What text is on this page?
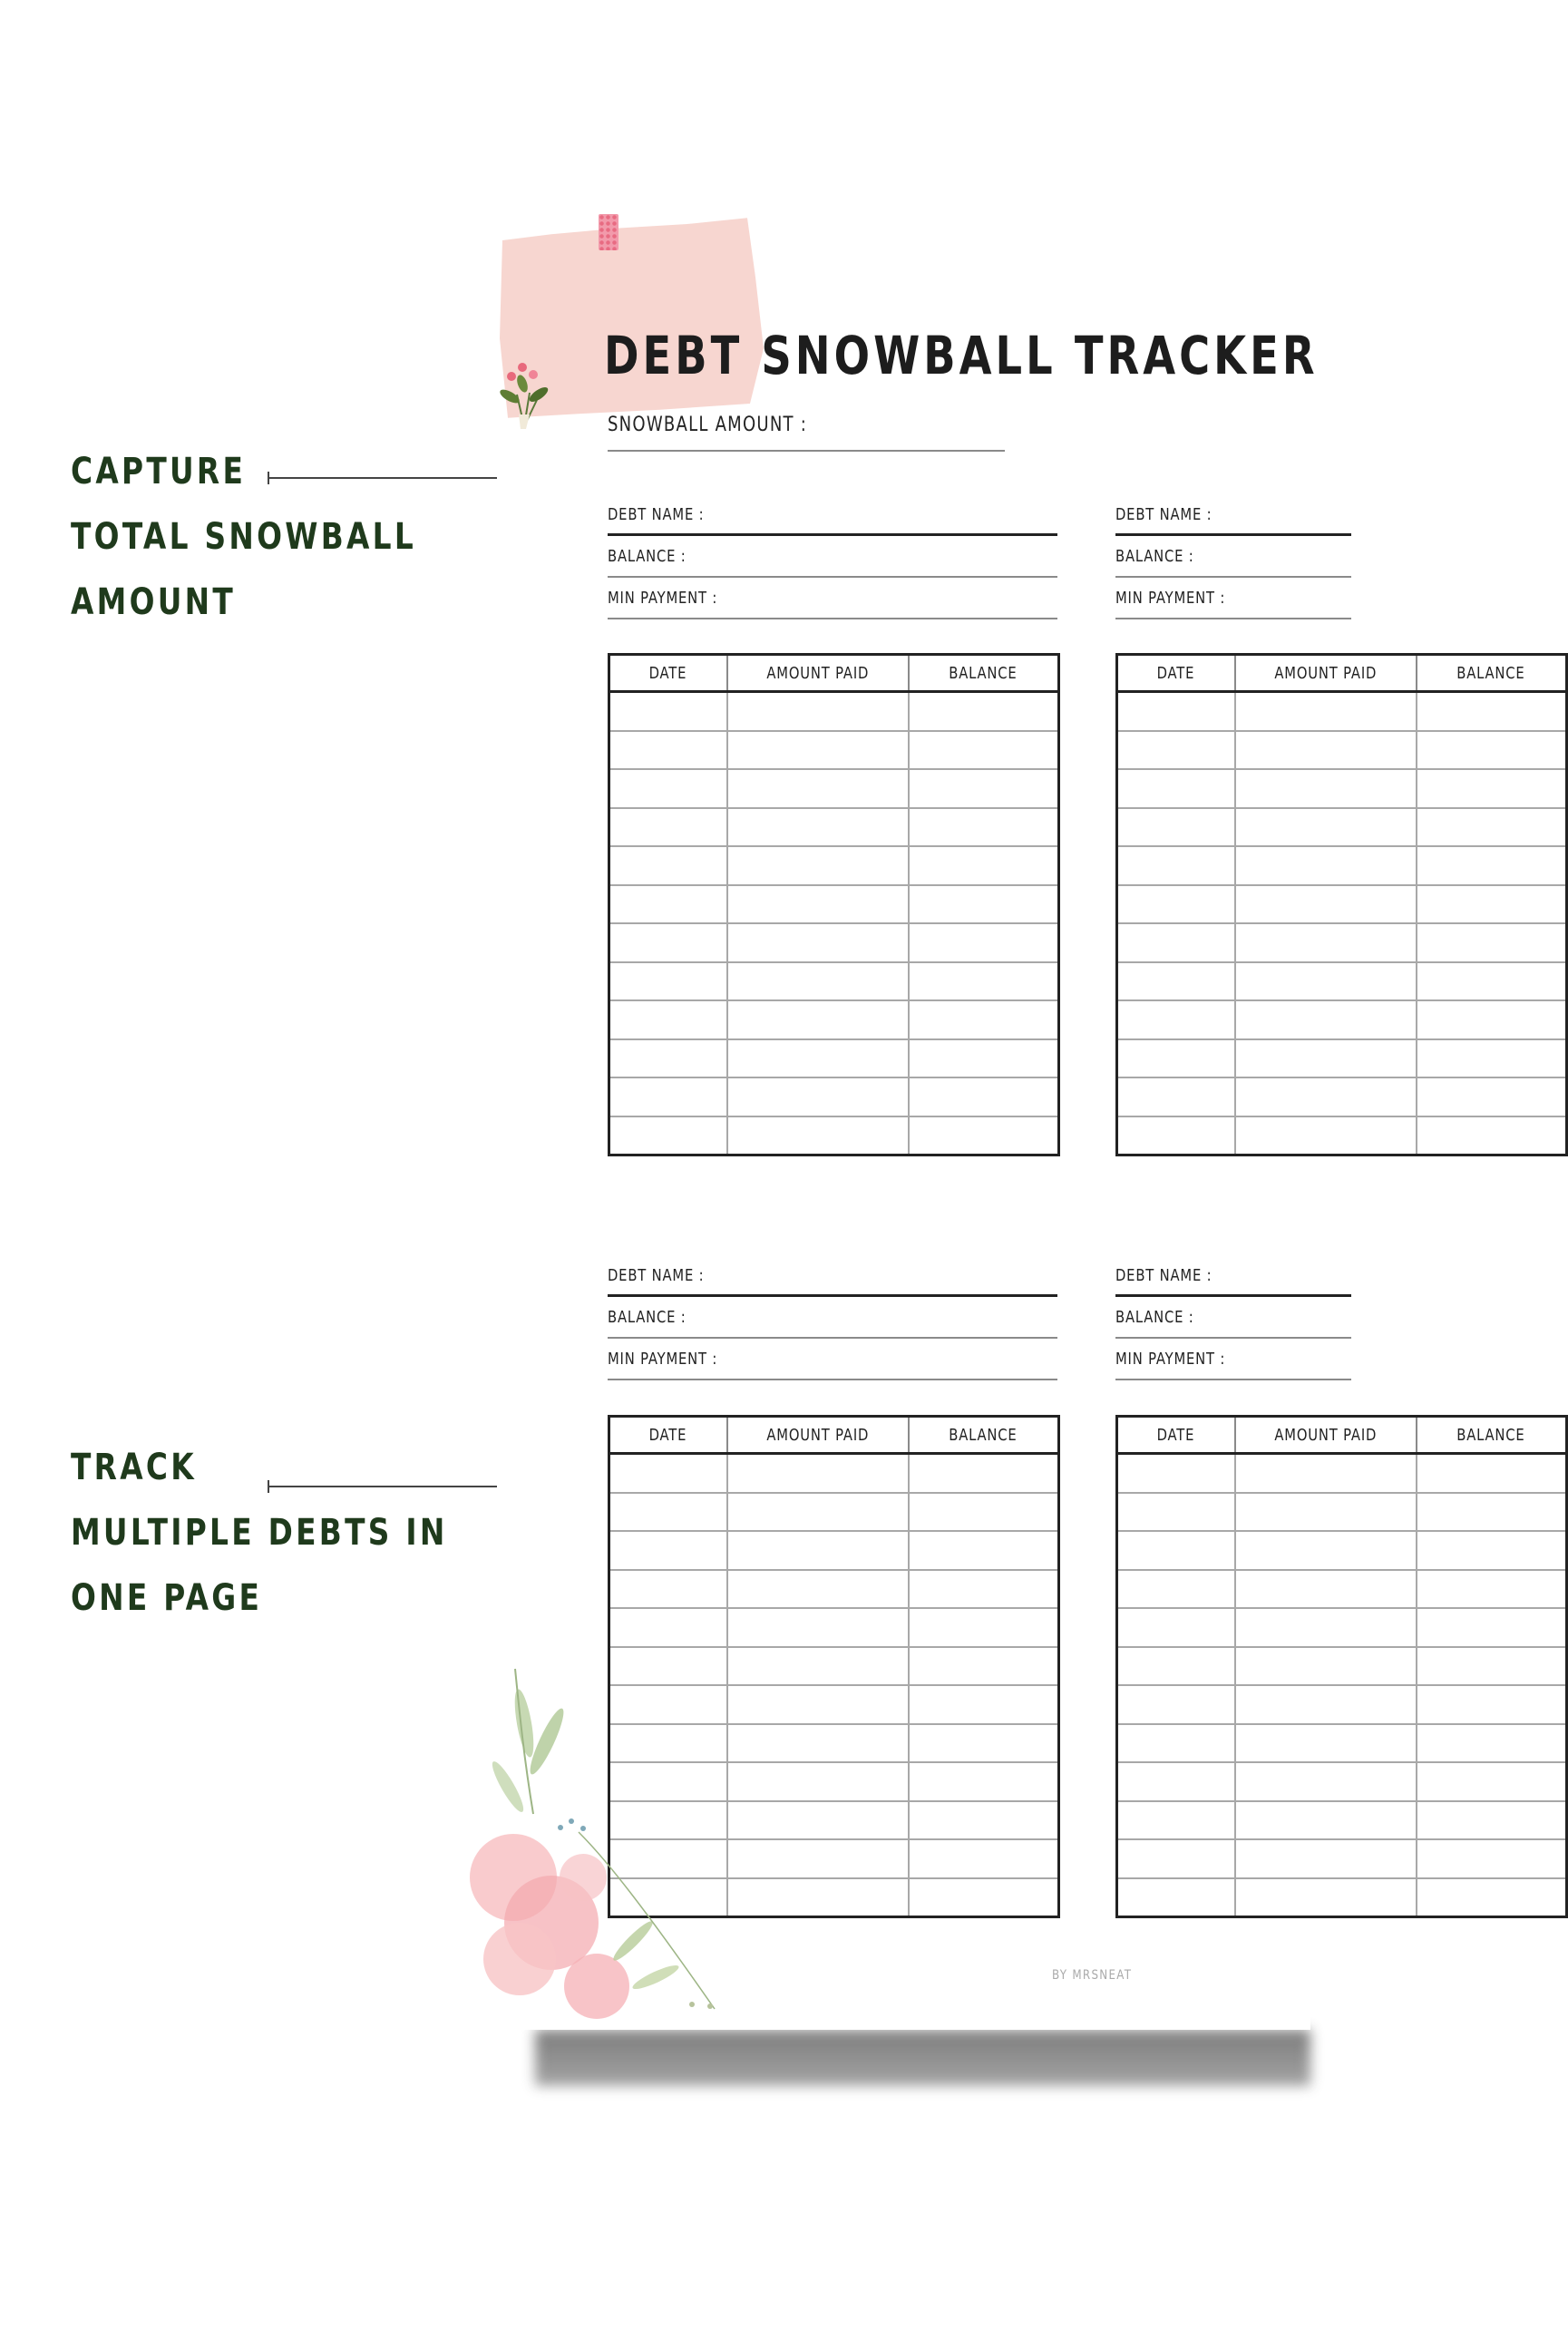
CAPTURE
TOTAL SNOWBALL
AMOUNT
TRACK
MULTIPLE DEBTS IN
ONE PAGE
DEBT SNOWBALL TRACKER
SNOWBALL AMOUNT :
DEBT NAME :
BALANCE :
MIN PAYMENT :
DATE	AMOUNT PAID	BALANCE

DEBT NAME :
BALANCE :
MIN PAYMENT :
DATE	AMOUNT PAID	BALANCE

DEBT NAME :
BALANCE :
MIN PAYMENT :
DATE	AMOUNT PAID	BALANCE

DEBT NAME :
BALANCE :
MIN PAYMENT :
DATE	AMOUNT PAID	BALANCE

BY MRSNEAT
